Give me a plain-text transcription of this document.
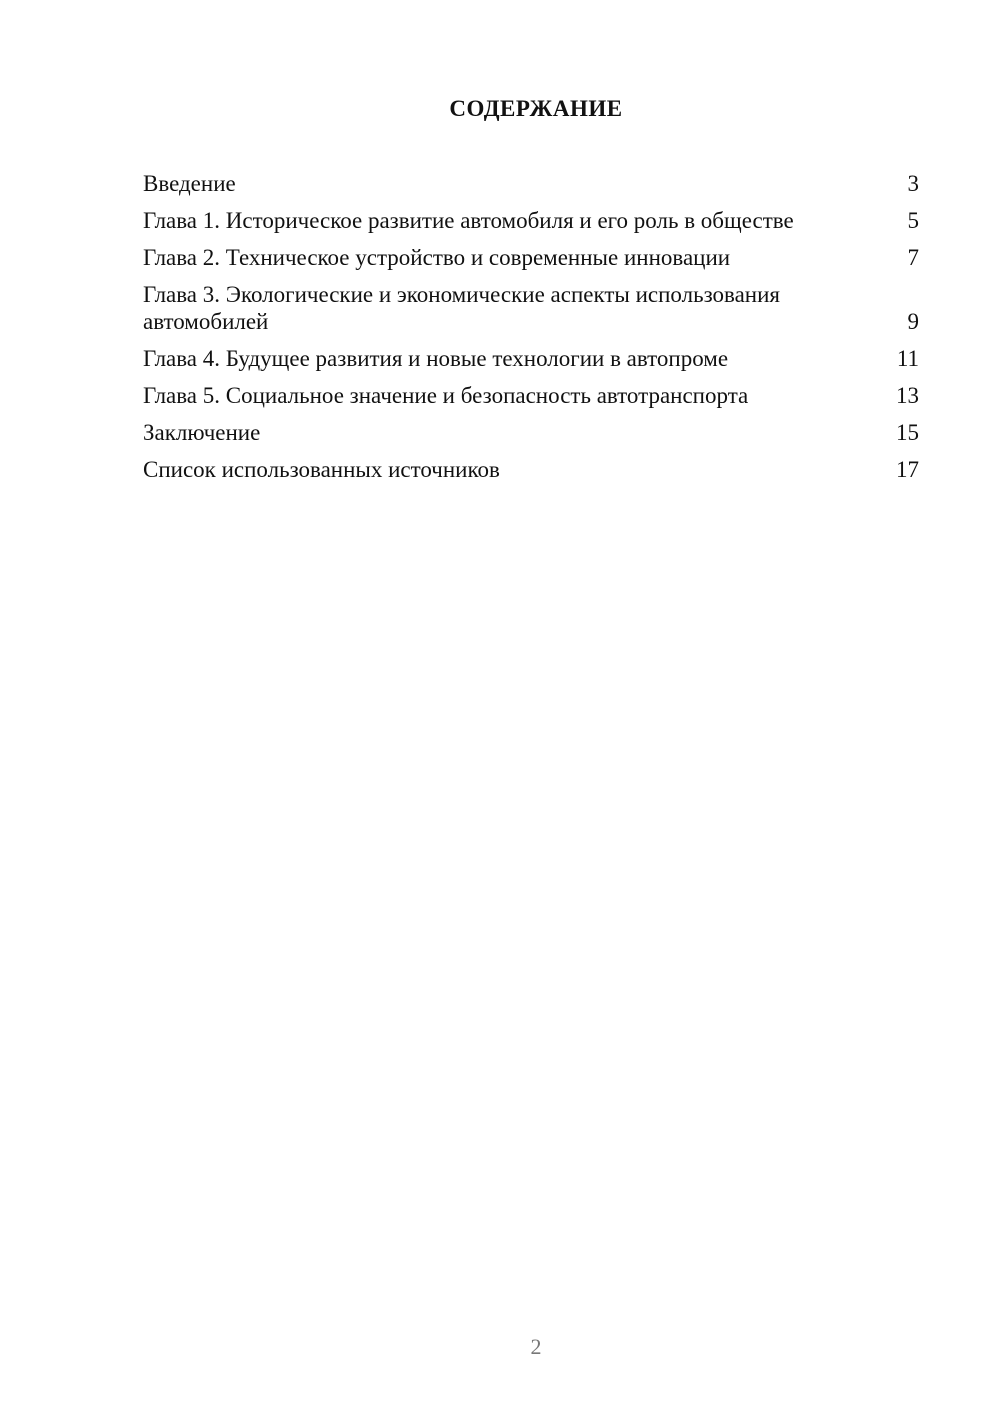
СОДЕРЖАНИЕ
Введение	3
Глава 1. Историческое развитие автомобиля и его роль в обществе	5
Глава 2. Техническое устройство и современные инновации	7
Глава 3. Экологические и экономические аспекты использования автомобилей	9
Глава 4. Будущее развития и новые технологии в автопроме	11
Глава 5. Социальное значение и безопасность автотранспорта	13
Заключение	15
Список использованных источников	17
2
